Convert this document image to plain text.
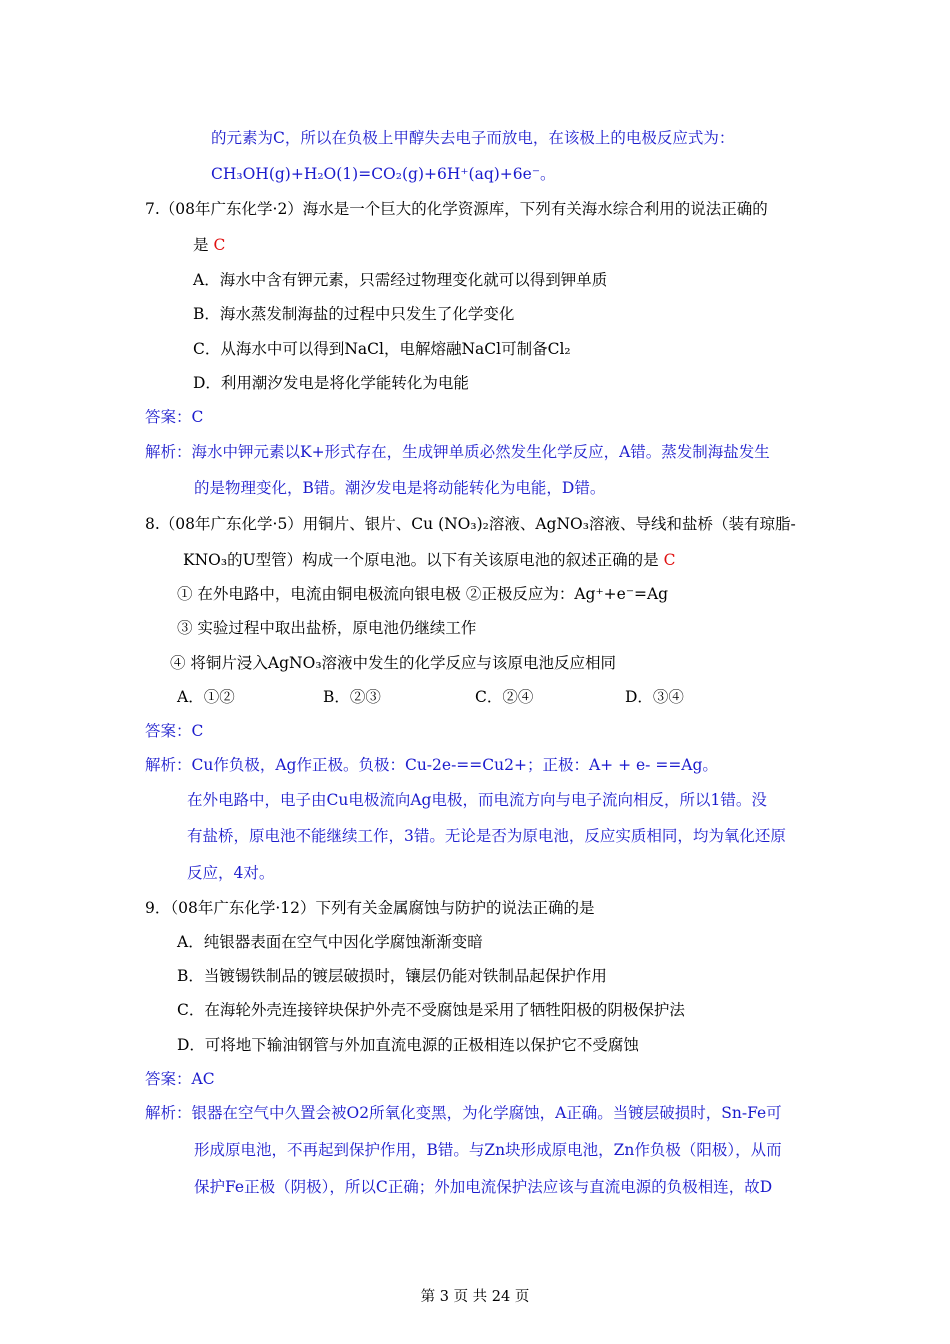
的元素为C，所以在负极上甲醇失去电子而放电，在该极上的电极反应式为：
CH₃OH(g)+H₂O(1)=CO₂(g)+6H⁺(aq)+6e⁻。
7.（08年广东化学·2）海水是一个巨大的化学资源库，下列有关海水综合利用的说法正确的
是 C
A．海水中含有钾元素，只需经过物理变化就可以得到钾单质
B．海水蒸发制海盐的过程中只发生了化学变化
C．从海水中可以得到NaCl，电解熔融NaCl可制备Cl₂
D．利用潮汐发电是将化学能转化为电能
答案：C
解析：海水中钾元素以K+形式存在，生成钾单质必然发生化学反应，A错。蒸发制海盐发生
的是物理变化，B错。潮汐发电是将动能转化为电能，D错。
8.（08年广东化学·5）用铜片、银片、Cu (NO₃)₂溶液、AgNO₃溶液、导线和盐桥（装有琼脂-
KNO₃的U型管）构成一个原电池。以下有关该原电池的叙述正确的是 C
① 在外电路中，电流由铜电极流向银电极 ②正极反应为：Ag⁺+e⁻=Ag
③ 实验过程中取出盐桥，原电池仍继续工作
④ 将铜片浸入AgNO₃溶液中发生的化学反应与该原电池反应相同
A．①②	B．②③	C．②④	D．③④
答案：C
解析：Cu作负极，Ag作正极。负极：Cu-2e-==Cu2+；正极：A+ + e- ==Ag。
在外电路中，电子由Cu电极流向Ag电极，而电流方向与电子流向相反，所以1错。没
有盐桥，原电池不能继续工作，3错。无论是否为原电池，反应实质相同，均为氧化还原
反应，4对。
9．（08年广东化学·12）下列有关金属腐蚀与防护的说法正确的是
A．纯银器表面在空气中因化学腐蚀渐渐变暗
B．当镀锡铁制品的镀层破损时，镶层仍能对铁制品起保护作用
C．在海轮外壳连接锌块保护外壳不受腐蚀是采用了牺牲阳极的阴极保护法
D．可将地下输油钢管与外加直流电源的正极相连以保护它不受腐蚀
答案：AC
解析：银器在空气中久置会被O2所氧化变黑，为化学腐蚀，A正确。当镀层破损时，Sn-Fe可
形成原电池，不再起到保护作用，B错。与Zn块形成原电池，Zn作负极（阳极），从而
保护Fe正极（阴极），所以C正确；外加电流保护法应该与直流电源的负极相连，故D
第 3 页 共 24 页
